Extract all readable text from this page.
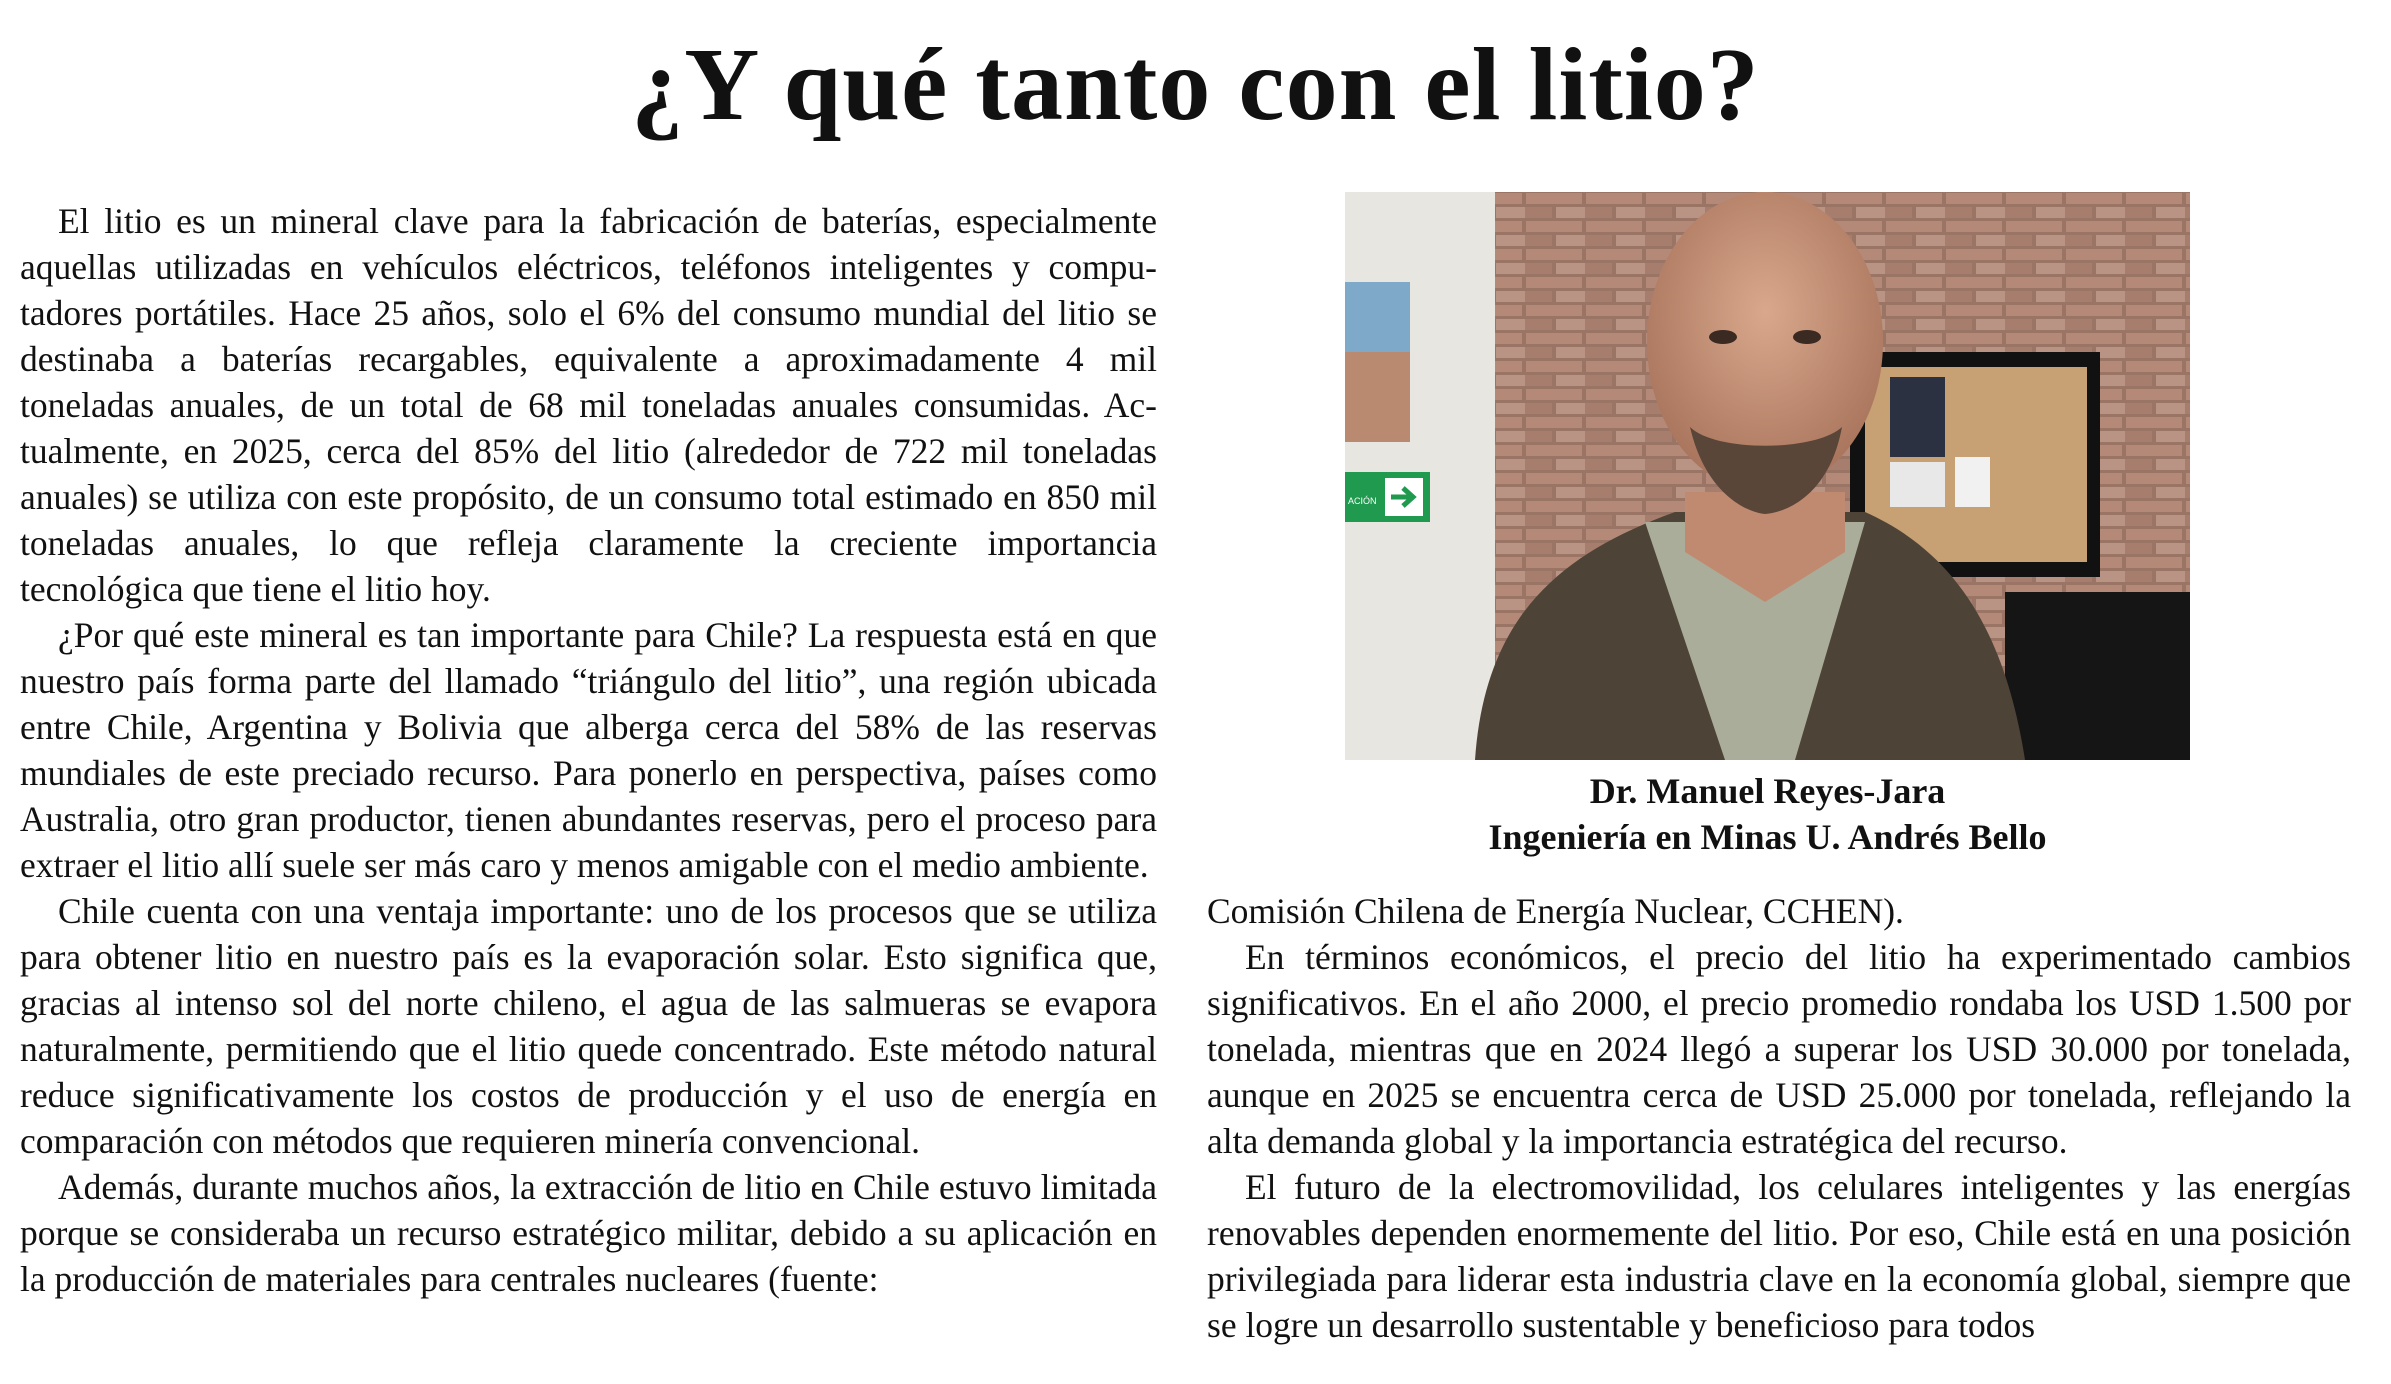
¿Y qué tanto con el litio?

El litio es un mineral clave para la fabricación de baterías, especialmente aquellas utilizadas en vehículos eléctricos, teléfonos inteligentes y computadores portátiles. Hace 25 años, solo el 6% del consumo mundial del litio se destinaba a baterías recargables, equivalente a aproximadamente 4 mil toneladas anuales, de un total de 68 mil toneladas anuales consumidas. Actualmente, en 2025, cerca del 85% del litio (alrededor de 722 mil toneladas anuales) se utiliza con este propósito, de un consumo total estimado en 850 mil toneladas anuales, lo que refleja claramente la creciente importancia tecnológica que tiene el litio hoy.

¿Por qué este mineral es tan importante para Chile? La respuesta está en que nuestro país forma parte del llamado “triángulo del litio”, una región ubicada entre Chile, Argentina y Bolivia que alberga cerca del 58% de las reservas mundiales de este preciado recurso. Para ponerlo en perspectiva, países como Australia, otro gran productor, tienen abundantes reservas, pero el proceso para extraer el litio allí suele ser más caro y menos amigable con el medio ambiente.

Chile cuenta con una ventaja importante: uno de los procesos que se utiliza para obtener litio en nuestro país es la evaporación solar. Esto significa que, gracias al intenso sol del norte chileno, el agua de las salmueras se evapora naturalmente, permitiendo que el litio quede concentrado. Este método natural reduce significativamente los costos de producción y el uso de energía en comparación con métodos que requieren minería convencional.

Además, durante muchos años, la extracción de litio en Chile estuvo limitada porque se consideraba un recurso estratégico militar, debido a su aplicación en la producción de materiales para centrales nucleares (fuente:

ACIÓN
Dr. Manuel Reyes-Jara
Ingeniería en Minas U. Andrés Bello

Comisión Chilena de Energía Nuclear, CCHEN).

En términos económicos, el precio del litio ha experimentado cambios significativos. En el año 2000, el precio promedio rondaba los USD 1.500 por tonelada, mientras que en 2024 llegó a superar los USD 30.000 por tonelada, aunque en 2025 se encuentra cerca de USD 25.000 por tonelada, reflejando la alta demanda global y la importancia estratégica del recurso.

El futuro de la electromovilidad, los celulares inteligentes y las energías renovables dependen enormemente del litio. Por eso, Chile está en una posición privilegiada para liderar esta industria clave en la economía global, siempre que se logre un desarrollo sustentable y beneficioso para todos
